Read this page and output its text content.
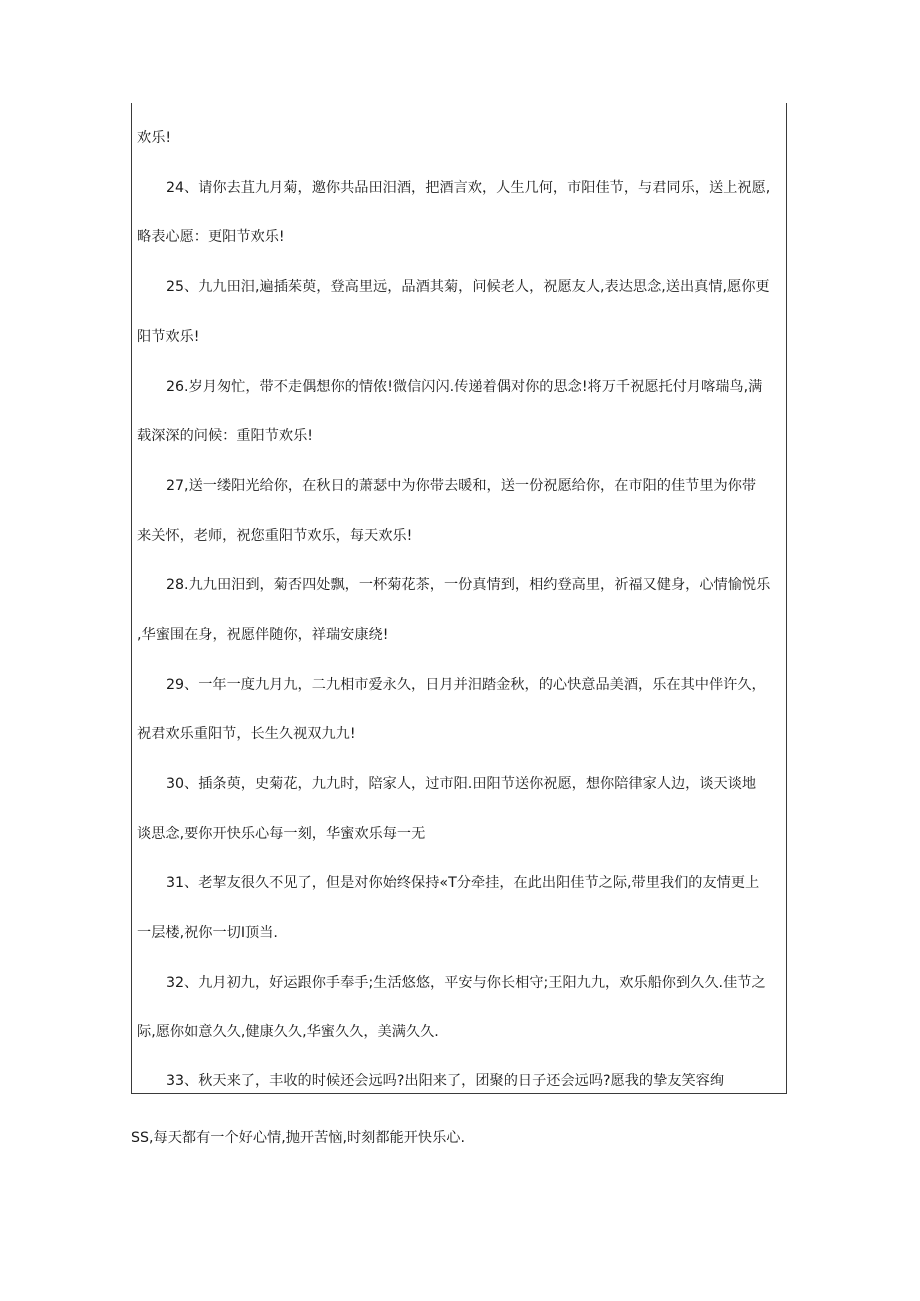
欢乐!
24、请你去苴九月菊，邀你共品田汨酒，把酒言欢，人生几何，市阳佳节，与君同乐，送上祝愿,
略表心愿：更阳节欢乐!
25、九九田汨,遍插茱萸，登高里远，品酒其菊，问候老人，祝愿友人,表达思念,送出真情,愿你更
阳节欢乐!
26.岁月匆忙，带不走偶想你的情侬!微信闪闪.传递着偶对你的思念!将万千祝愿托付月喀瑞鸟,满
载深深的问候：重阳节欢乐!
27,送一缕阳光给你，在秋日的萧瑟中为你带去暖和，送一份祝愿给你，在市阳的佳节里为你带
来关怀，老师，祝您重阳节欢乐，每天欢乐!
28.九九田汨到，菊否四处飘，一杯菊花茶，一份真情到，相约登高里，祈福又健身，心情愉悦乐
,华蜜围在身，祝愿伴随你，祥瑞安康绕!
29、一年一度九月九，二九相市爱永久，日月并汨踏金秋，的心快意品美酒，乐在其中伴许久，
祝君欢乐重阳节，长生久视双九九!
30、插条萸，史菊花，九九时，陪家人，过市阳.田阳节送你祝愿，想你陪律家人边，谈天谈地
谈思念,要你开快乐心每一刻，华蜜欢乐每一无
31、老挈友很久不见了，但是对你始终保持«T分牵挂，在此出阳佳节之际,带里我们的友情更上
一层楼,祝你一切I顶当.
32、九月初九，好运跟你手奉手;生活悠悠，平安与你长相守;王阳九九，欢乐船你到久久.佳节之
际,愿你如意久久,健康久久,华蜜久久，美满久久.
33、秋天来了，丰收的时候还会远吗?出阳来了，团聚的日子还会远吗?愿我的挚友笑容绚
SS,每天都有一个好心情,抛开苦恼,时刻都能开快乐心.
